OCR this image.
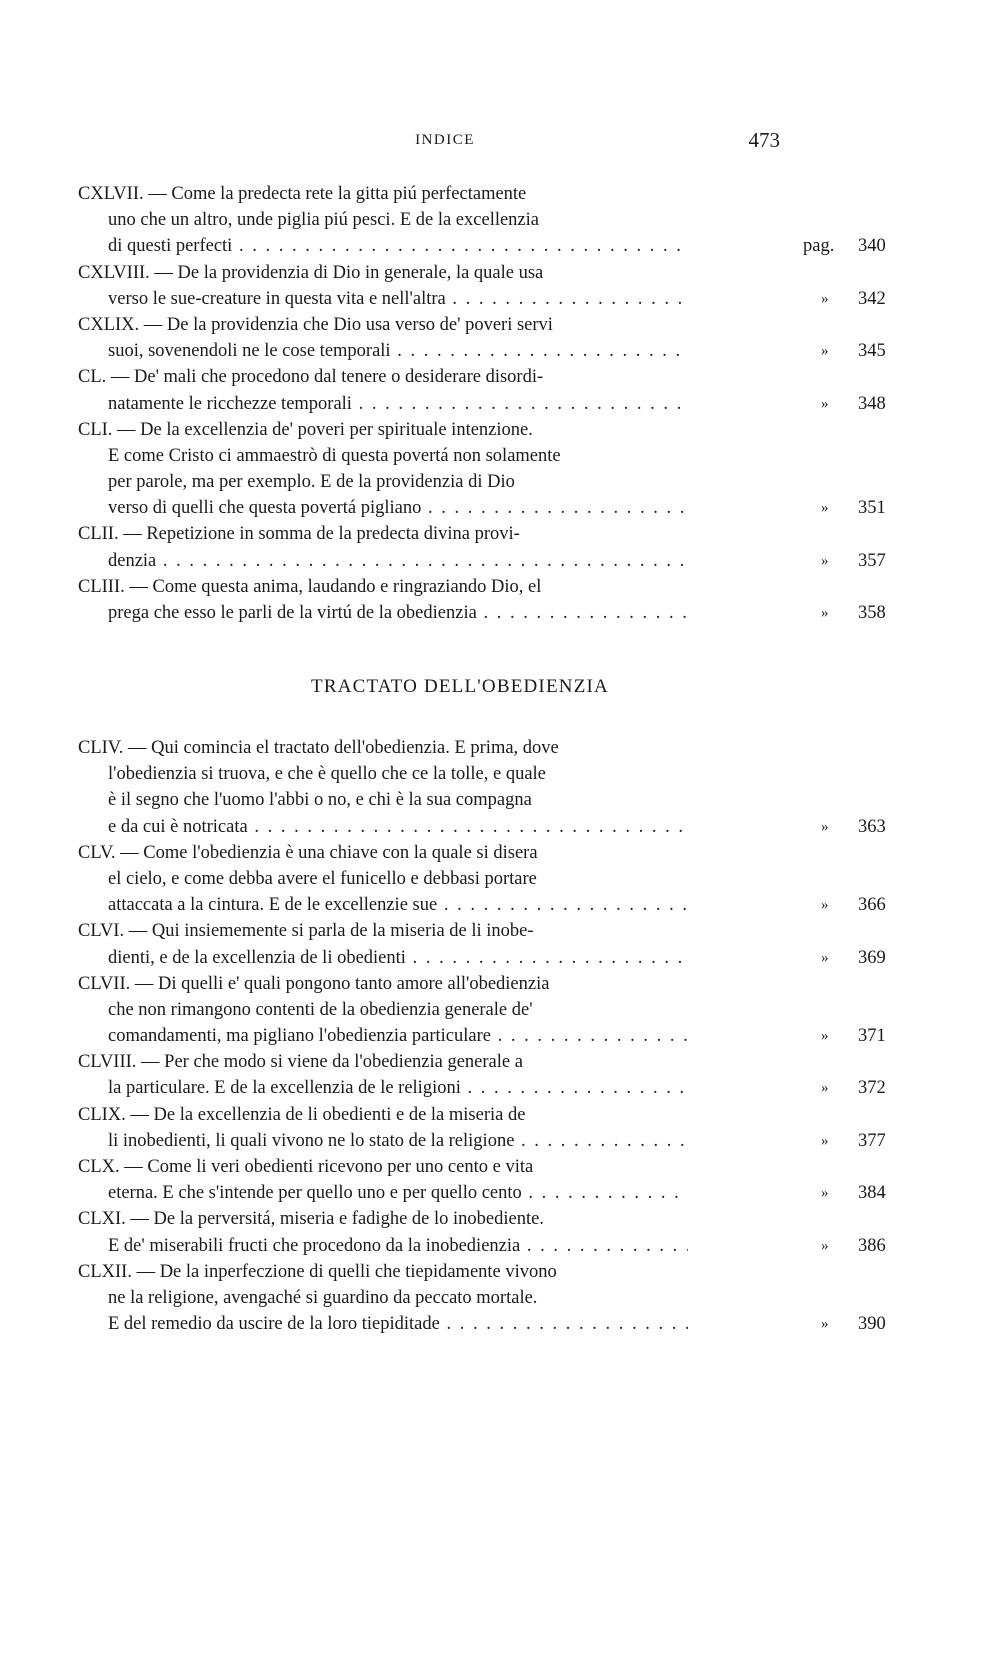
INDICE	473
CXLVII. — Come la predecta rete la gitta piú perfectamente
uno che un altro, unde piglia piú pesci. E de la excellenzia
di questi perfecti . . .	pag. 340
CXLVIII. — De la providenzia di Dio in generale, la quale usa
verso le sue-creature in questa vita e nell'altra . . .	» 342
CXLIX. — De la providenzia che Dio usa verso de' poveri servi
suoi, sovenendoli ne le cose temporali . . .	» 345
CL. — De' mali che procedono dal tenere o desiderare disordi-
natamente le ricchezze temporali . . .	» 348
CLI. — De la excellenzia de' poveri per spirituale intenzione.
E come Cristo ci ammaestrò di questa povertá non solamente
per parole, ma per exemplo. E de la providenzia di Dio
verso di quelli che questa povertá pigliano . . .	» 351
CLII. — Repetizione in somma de la predecta divina provi-
denzia . . .	» 357
CLIII. — Come questa anima, laudando e ringraziando Dio, el
prega che esso le parli de la virtú de la obedienzia . . .	» 358
TRACTATO DELL'OBEDIENZIA
CLIV. — Qui comincia el tractato dell'obedienzia. E prima, dove
l'obedienzia si truova, e che è quello che ce la tolle, e quale
è il segno che l'uomo l'abbi o no, e chi è la sua compagna
e da cui è notricata . . .	» 363
CLV. — Come l'obedienzia è una chiave con la quale si disera
el cielo, e come debba avere el funicello e debbasi portare
attaccata a la cintura. E de le excellenzie sue . . .	» 366
CLVI. — Qui insiememente si parla de la miseria de li inobe-
dienti, e de la excellenzia de li obedienti . . .	» 369
CLVII. — Di quelli e' quali pongono tanto amore all'obedienzia
che non rimangono contenti de la obedienzia generale de'
comandamenti, ma pigliano l'obedienzia particulare . . .	» 371
CLVIII. — Per che modo si viene da l'obedienzia generale a
la particulare. E de la excellenzia de le religioni . . .	» 372
CLIX. — De la excellenzia de li obedienti e de la miseria de
li inobedienti, li quali vivono ne lo stato de la religione . . .	» 377
CLX. — Come li veri obedienti ricevono per uno cento e vita
eterna. E che s'intende per quello uno e per quello cento . . .	» 384
CLXI. — De la perversitá, miseria e fadighe de lo inobediente.
E de' miserabili fructi che procedono da la inobedienzia . . .	» 386
CLXII. — De la inperfeczione di quelli che tiepidamente vivono
ne la religione, avengaché si guardino da peccato mortale.
E del remedio da uscire de la loro tiepiditade . . .	» 390
